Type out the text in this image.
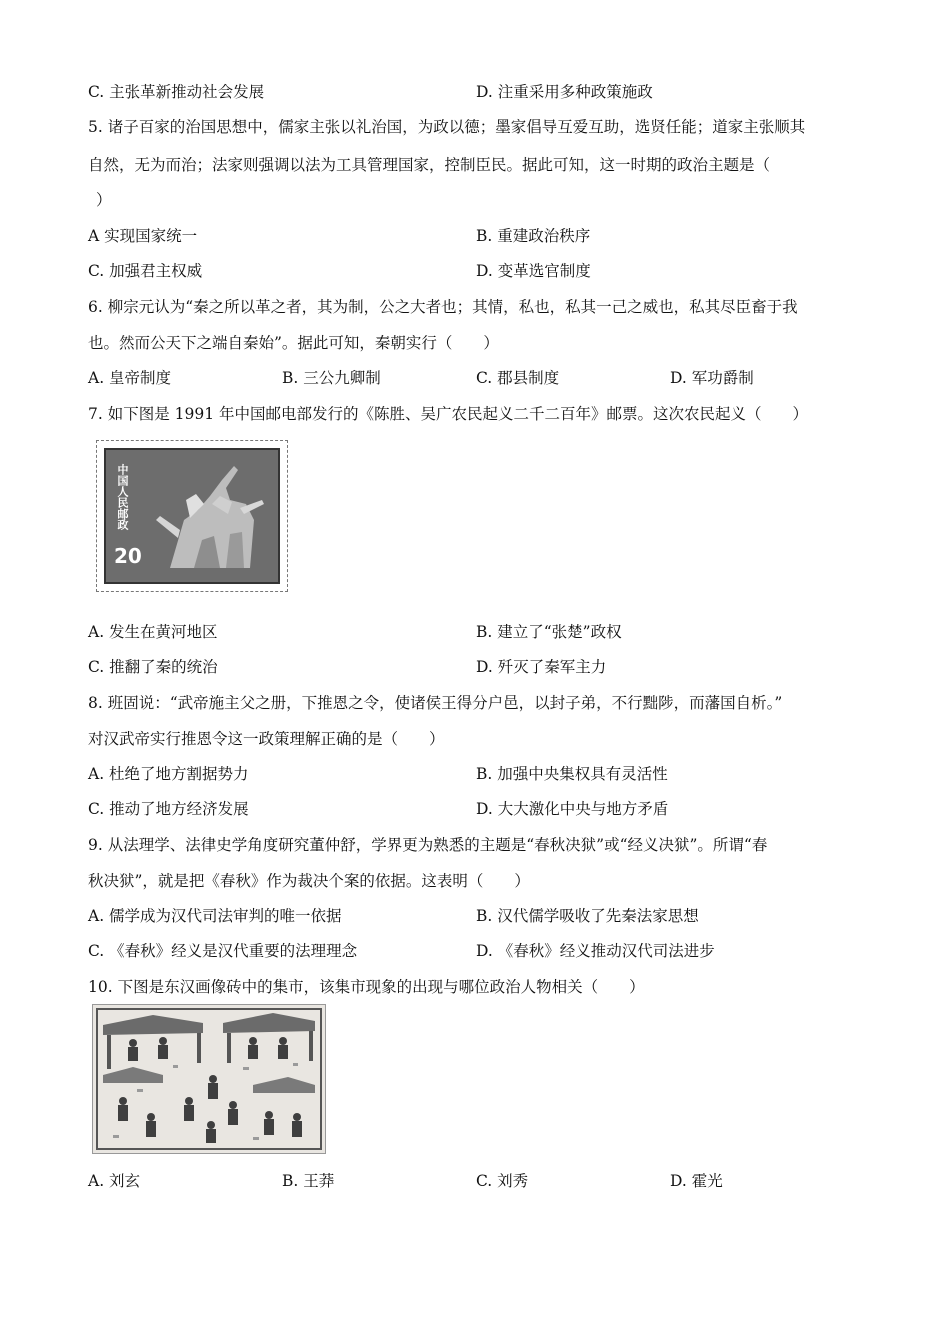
C. 主张革新推动社会发展	D. 注重采用多种政策施政
5. 诸子百家的治国思想中，儒家主张以礼治国，为政以德；墨家倡导互爱互助，选贤任能；道家主张顺其
自然，无为而治；法家则强调以法为工具管理国家，控制臣民。据此可知，这一时期的政治主题是（
）
A 实现国家统一	B. 重建政治秩序
C. 加强君主权威	D. 变革选官制度
6. 柳宗元认为“秦之所以革之者，其为制，公之大者也；其情，私也，私其一己之威也，私其尽臣畜于我
也。然而公天下之端自秦始”。据此可知，秦朝实行（　　）
A. 皇帝制度	B. 三公九卿制	C. 郡县制度	D. 军功爵制
7. 如下图是 1991 年中国邮电部发行的《陈胜、吴广农民起义二千二百年》邮票。这次农民起义（　　）
中国人民邮政
20
A. 发生在黄河地区	B. 建立了“张楚”政权
C. 推翻了秦的统治	D. 歼灭了秦军主力
8. 班固说：“武帝施主父之册，下推恩之令，使诸侯王得分户邑，以封子弟，不行黜陟，而藩国自析。”
对汉武帝实行推恩令这一政策理解正确的是（　　）
A. 杜绝了地方割据势力	B. 加强中央集权具有灵活性
C. 推动了地方经济发展	D. 大大激化中央与地方矛盾
9. 从法理学、法律史学角度研究董仲舒，学界更为熟悉的主题是“春秋决狱”或“经义决狱”。所谓“春
秋决狱”，就是把《春秋》作为裁决个案的依据。这表明（　　）
A. 儒学成为汉代司法审判的唯一依据	B. 汉代儒学吸收了先秦法家思想
C. 《春秋》经义是汉代重要的法理理念	D. 《春秋》经义推动汉代司法进步
10. 下图是东汉画像砖中的集市，该集市现象的出现与哪位政治人物相关（　　）
A. 刘玄	B. 王莽	C. 刘秀	D. 霍光
